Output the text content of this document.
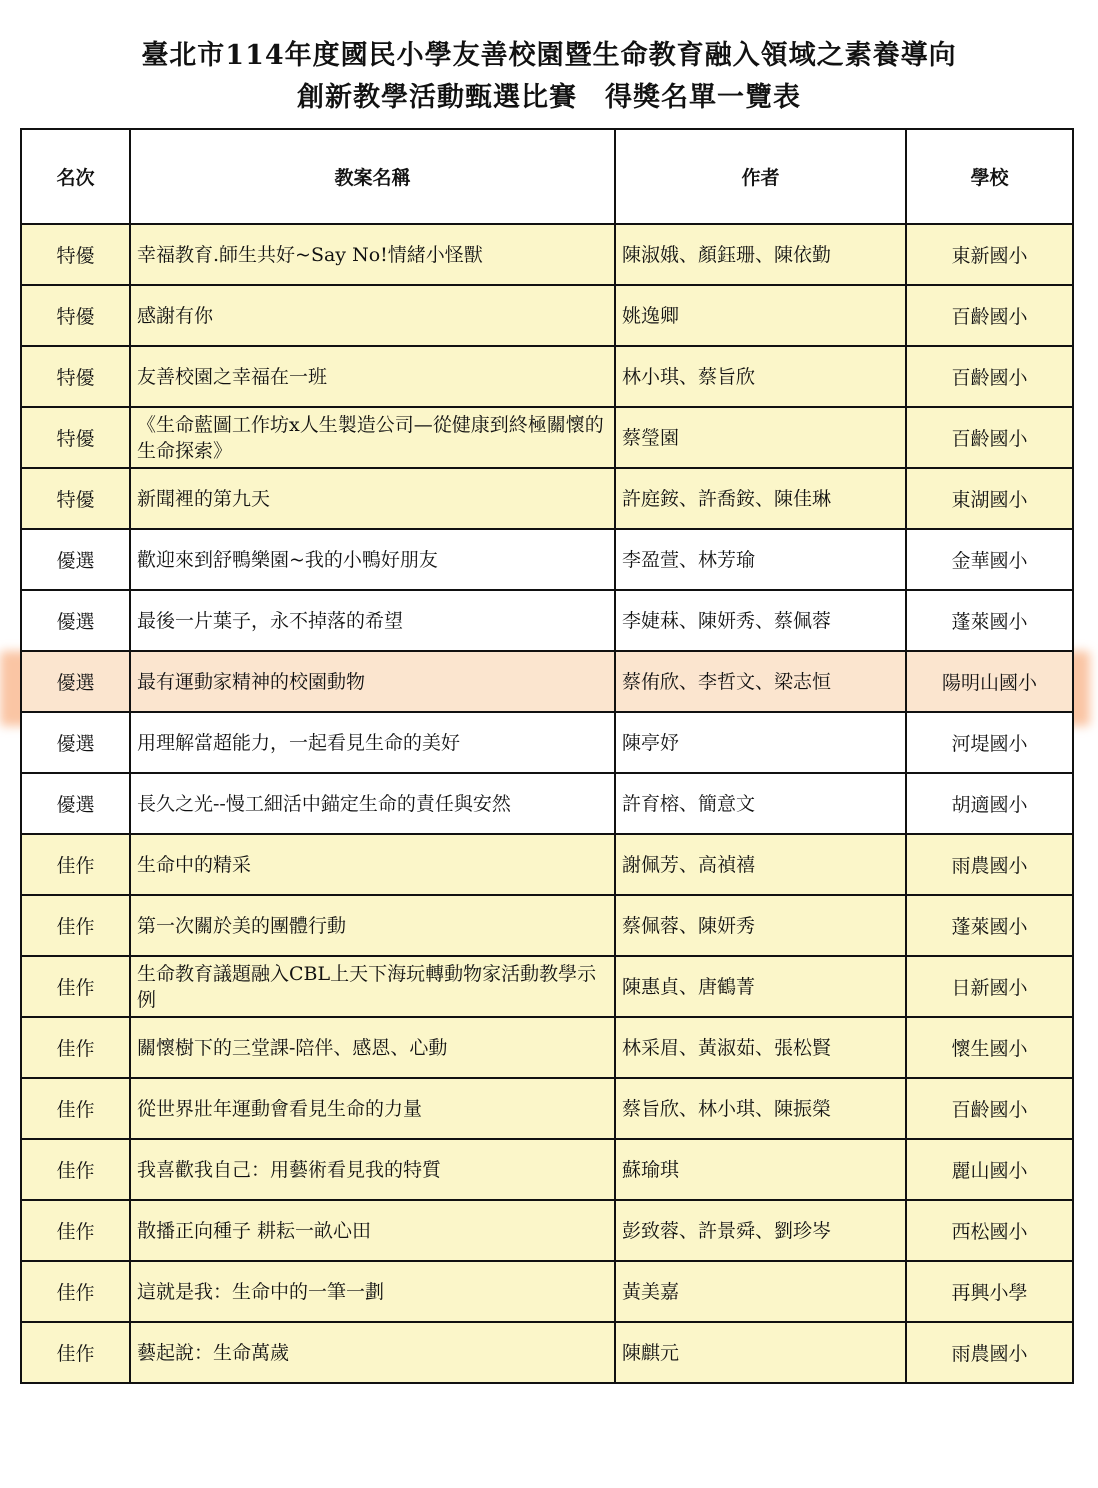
臺北市114年度國民小學友善校園暨生命教育融入領域之素養導向
創新教學活動甄選比賽　得獎名單一覽表
名次	教案名稱	作者	學校
特優	幸福教育.師生共好~Say No!情緒小怪獸	陳淑娥、顏鈺珊、陳依勤	東新國小
特優	感謝有你	姚逸卿	百齡國小
特優	友善校園之幸福在一班	林小琪、蔡旨欣	百齡國小
特優	《生命藍圖工作坊x人生製造公司—從健康到終極關懷的生命探索》	蔡瑩園	百齡國小
特優	新聞裡的第九天	許庭銨、許喬銨、陳佳琳	東湖國小
優選	歡迎來到舒鴨樂園~我的小鴨好朋友	李盈萱、林芳瑜	金華國小
優選	最後一片葉子，永不掉落的希望	李婕菻、陳妍秀、蔡佩蓉	蓬萊國小
優選	最有運動家精神的校園動物	蔡侑欣、李哲文、梁志恒	陽明山國小
優選	用理解當超能力，一起看見生命的美好	陳亭妤	河堤國小
優選	長久之光--慢工細活中錨定生命的責任與安然	許育榕、簡意文	胡適國小
佳作	生命中的精采	謝佩芳、高禎禧	雨農國小
佳作	第一次關於美的團體行動	蔡佩蓉、陳妍秀	蓬萊國小
佳作	生命教育議題融入CBL上天下海玩轉動物家活動教學示例	陳惠貞、唐鶴菁	日新國小
佳作	關懷樹下的三堂課-陪伴、感恩、心動	林采眉、黃淑茹、張松賢	懷生國小
佳作	從世界壯年運動會看見生命的力量	蔡旨欣、林小琪、陳振榮	百齡國小
佳作	我喜歡我自己：用藝術看見我的特質	蘇瑜琪	麗山國小
佳作	散播正向種子 耕耘一畝心田	彭致蓉、許景舜、劉珍岑	西松國小
佳作	這就是我：生命中的一筆一劃	黃美嘉	再興小學
佳作	藝起說：生命萬歲	陳麒元	雨農國小
